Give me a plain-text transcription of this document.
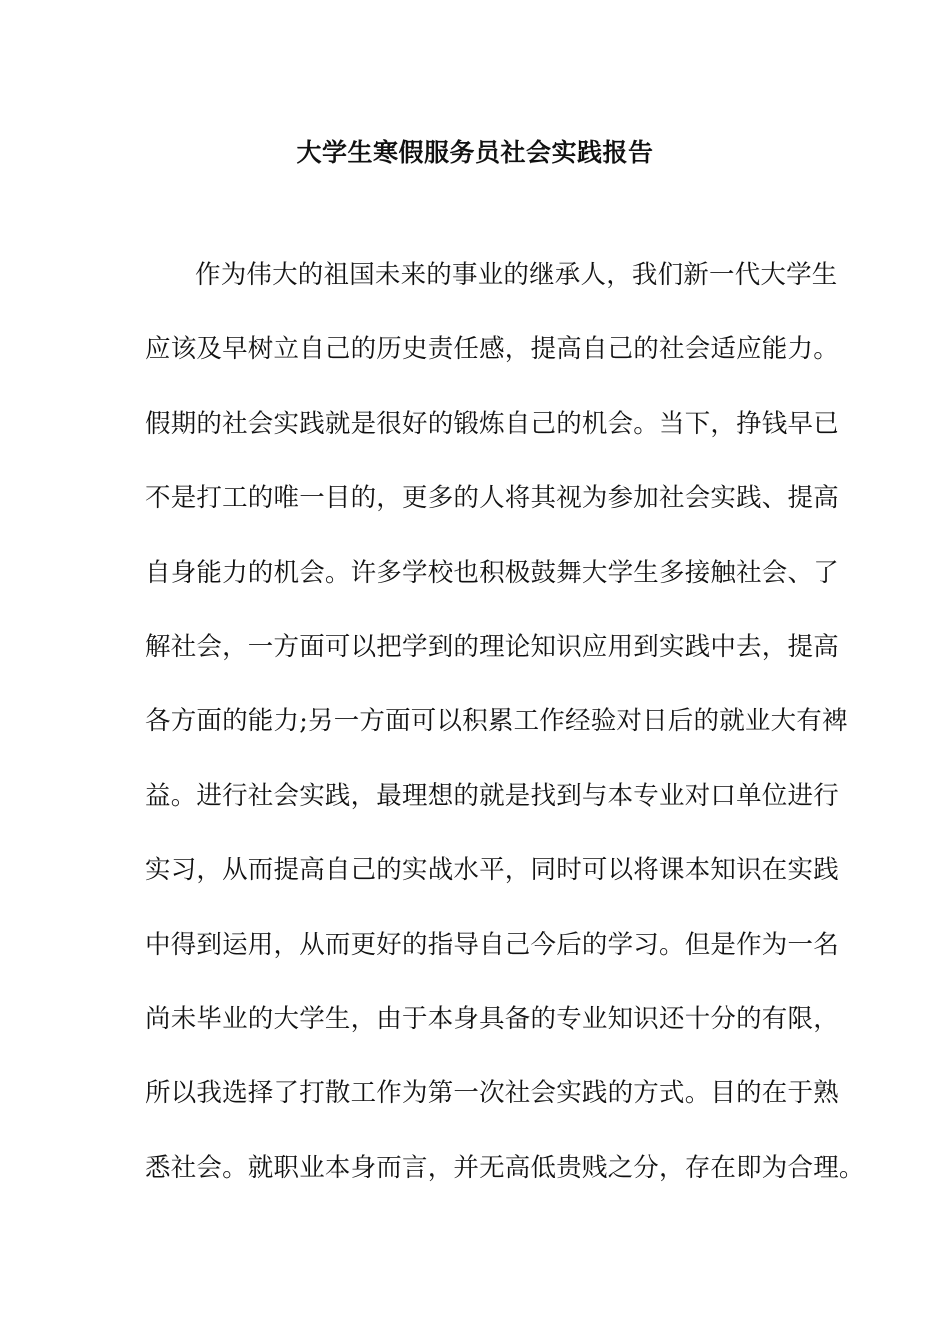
大学生寒假服务员社会实践报告
作为伟大的祖国未来的事业的继承人，我们新一代大学生
应该及早树立自己的历史责任感，提高自己的社会适应能力。
假期的社会实践就是很好的锻炼自己的机会。当下，挣钱早已
不是打工的唯一目的，更多的人将其视为参加社会实践、提高
自身能力的机会。许多学校也积极鼓舞大学生多接触社会、了
解社会，一方面可以把学到的理论知识应用到实践中去，提高
各方面的能力;另一方面可以积累工作经验对日后的就业大有裨
益。进行社会实践，最理想的就是找到与本专业对口单位进行
实习，从而提高自己的实战水平，同时可以将课本知识在实践
中得到运用，从而更好的指导自己今后的学习。但是作为一名
尚未毕业的大学生，由于本身具备的专业知识还十分的有限，
所以我选择了打散工作为第一次社会实践的方式。目的在于熟
悉社会。就职业本身而言，并无高低贵贱之分，存在即为合理。
